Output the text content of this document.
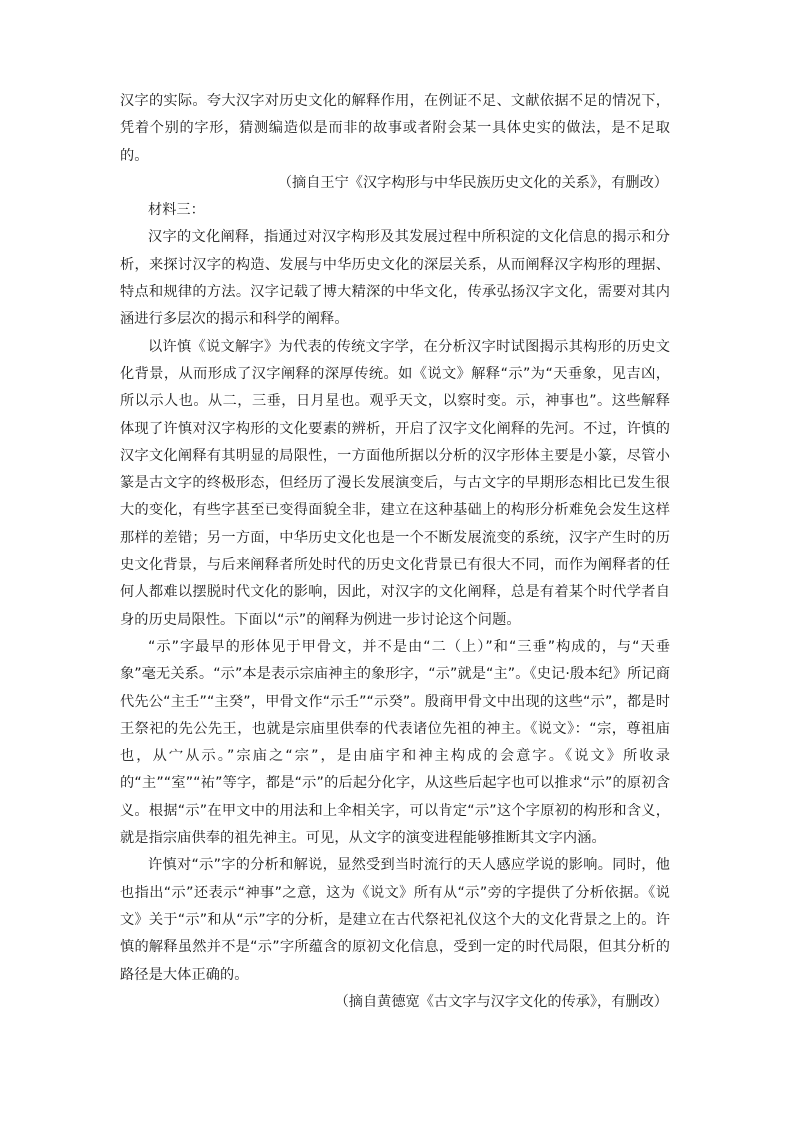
汉字的实际。夸大汉字对历史文化的解释作用，在例证不足、文献依据不足的情况下，凭着个别的字形，猜测编造似是而非的故事或者附会某一具体史实的做法，是不足取的。

（摘自王宁《汉字构形与中华民族历史文化的关系》，有删改）

材料三：

汉字的文化阐释，指通过对汉字构形及其发展过程中所积淀的文化信息的揭示和分析，来探讨汉字的构造、发展与中华历史文化的深层关系，从而阐释汉字构形的理据、特点和规律的方法。汉字记载了博大精深的中华文化，传承弘扬汉字文化，需要对其内涵进行多层次的揭示和科学的阐释。

以许慎《说文解字》为代表的传统文字学，在分析汉字时试图揭示其构形的历史文化背景，从而形成了汉字阐释的深厚传统。如《说文》解释“示”为“天垂象，见吉凶，所以示人也。从二，三垂，日月星也。观乎天文，以察时变。示，神事也”。这些解释体现了许慎对汉字构形的文化要素的辨析，开启了汉字文化阐释的先河。不过，许慎的汉字文化阐释有其明显的局限性，一方面他所据以分析的汉字形体主要是小篆，尽管小篆是古文字的终极形态，但经历了漫长发展演变后，与古文字的早期形态相比已发生很大的变化，有些字甚至已变得面貌全非，建立在这种基础上的构形分析难免会发生这样那样的差错；另一方面，中华历史文化也是一个不断发展流变的系统，汉字产生时的历史文化背景，与后来阐释者所处时代的历史文化背景已有很大不同，而作为阐释者的任何人都难以摆脱时代文化的影响，因此，对汉字的文化阐释，总是有着某个时代学者自身的历史局限性。下面以“示”的阐释为例进一步讨论这个问题。

“示”字最早的形体见于甲骨文，并不是由“二（上）”和“三垂”构成的，与“天垂象”毫无关系。“示”本是表示宗庙神主的象形字，“示”就是“主”。《史记·殷本纪》所记商代先公“主壬”“主癸”，甲骨文作“示壬”“示癸”。殷商甲骨文中出现的这些“示”，都是时王祭祀的先公先王，也就是宗庙里供奉的代表诸位先祖的神主。《说文》：“宗，尊祖庙也，从宀从示。”宗庙之“宗”，是由庙宇和神主构成的会意字。《说文》所收录的“主”“室”“祐”等字，都是“示”的后起分化字，从这些后起字也可以推求“示”的原初含义。根据“示”在甲文中的用法和上伞相关字，可以肯定“示”这个字原初的构形和含义，就是指宗庙供奉的祖先神主。可见，从文字的演变进程能够推断其文字内涵。

许慎对“示”字的分析和解说，显然受到当时流行的天人感应学说的影响。同时，他也指出“示”还表示“神事”之意，这为《说文》所有从“示”旁的字提供了分析依据。《说文》关于“示”和从“示”字的分析，是建立在古代祭祀礼仪这个大的文化背景之上的。许慎的解释虽然并不是“示”字所蕴含的原初文化信息，受到一定的时代局限，但其分析的路径是大体正确的。

（摘自黄德宽《古文字与汉字文化的传承》，有删改）
